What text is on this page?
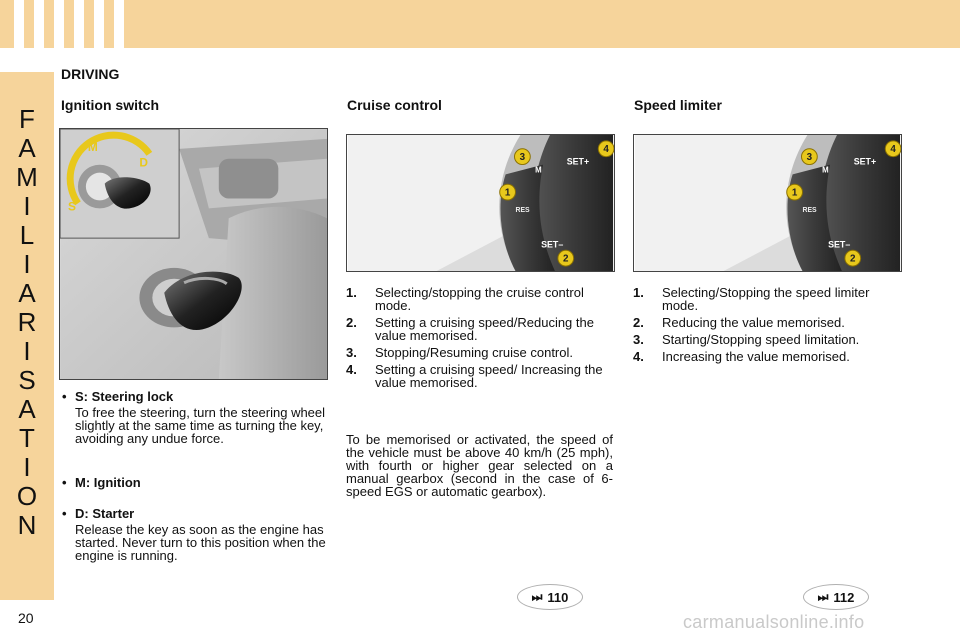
F
A
M
I
L
I
A
R
I
S
A
T
I
O
N
20
DRIVING
Ignition switch	Cruise control	Speed limiter
M
D
S
M
SET+
SET–
RES
1
2
3
4
M
SET+
SET–
RES
1
2
3
4
• S: Steering lock
To free the steering, turn the steering wheel slightly at the same time as turning the key, avoiding any undue force.
• M: Ignition
• D: Starter
Release the key as soon as the engine has started. Never turn to this position when the engine is running.
1. Selecting/stopping the cruise control mode.
2. Setting a cruising speed/Reducing the value memorised.
3. Stopping/Resuming cruise control.
4. Setting a cruising speed/ Increasing the value memorised.
1. Selecting/Stopping the speed limiter mode.
2. Reducing the value memorised.
3. Starting/Stopping speed limitation.
4. Increasing the value memorised.
To be memorised or activated, the speed of the vehicle must be above 40 km/h (25 mph), with fourth or higher gear selected on a manual gearbox (second in the case of 6-speed EGS or automatic gearbox).
⏭ 110	⏭ 112
carmanualsonline.info
